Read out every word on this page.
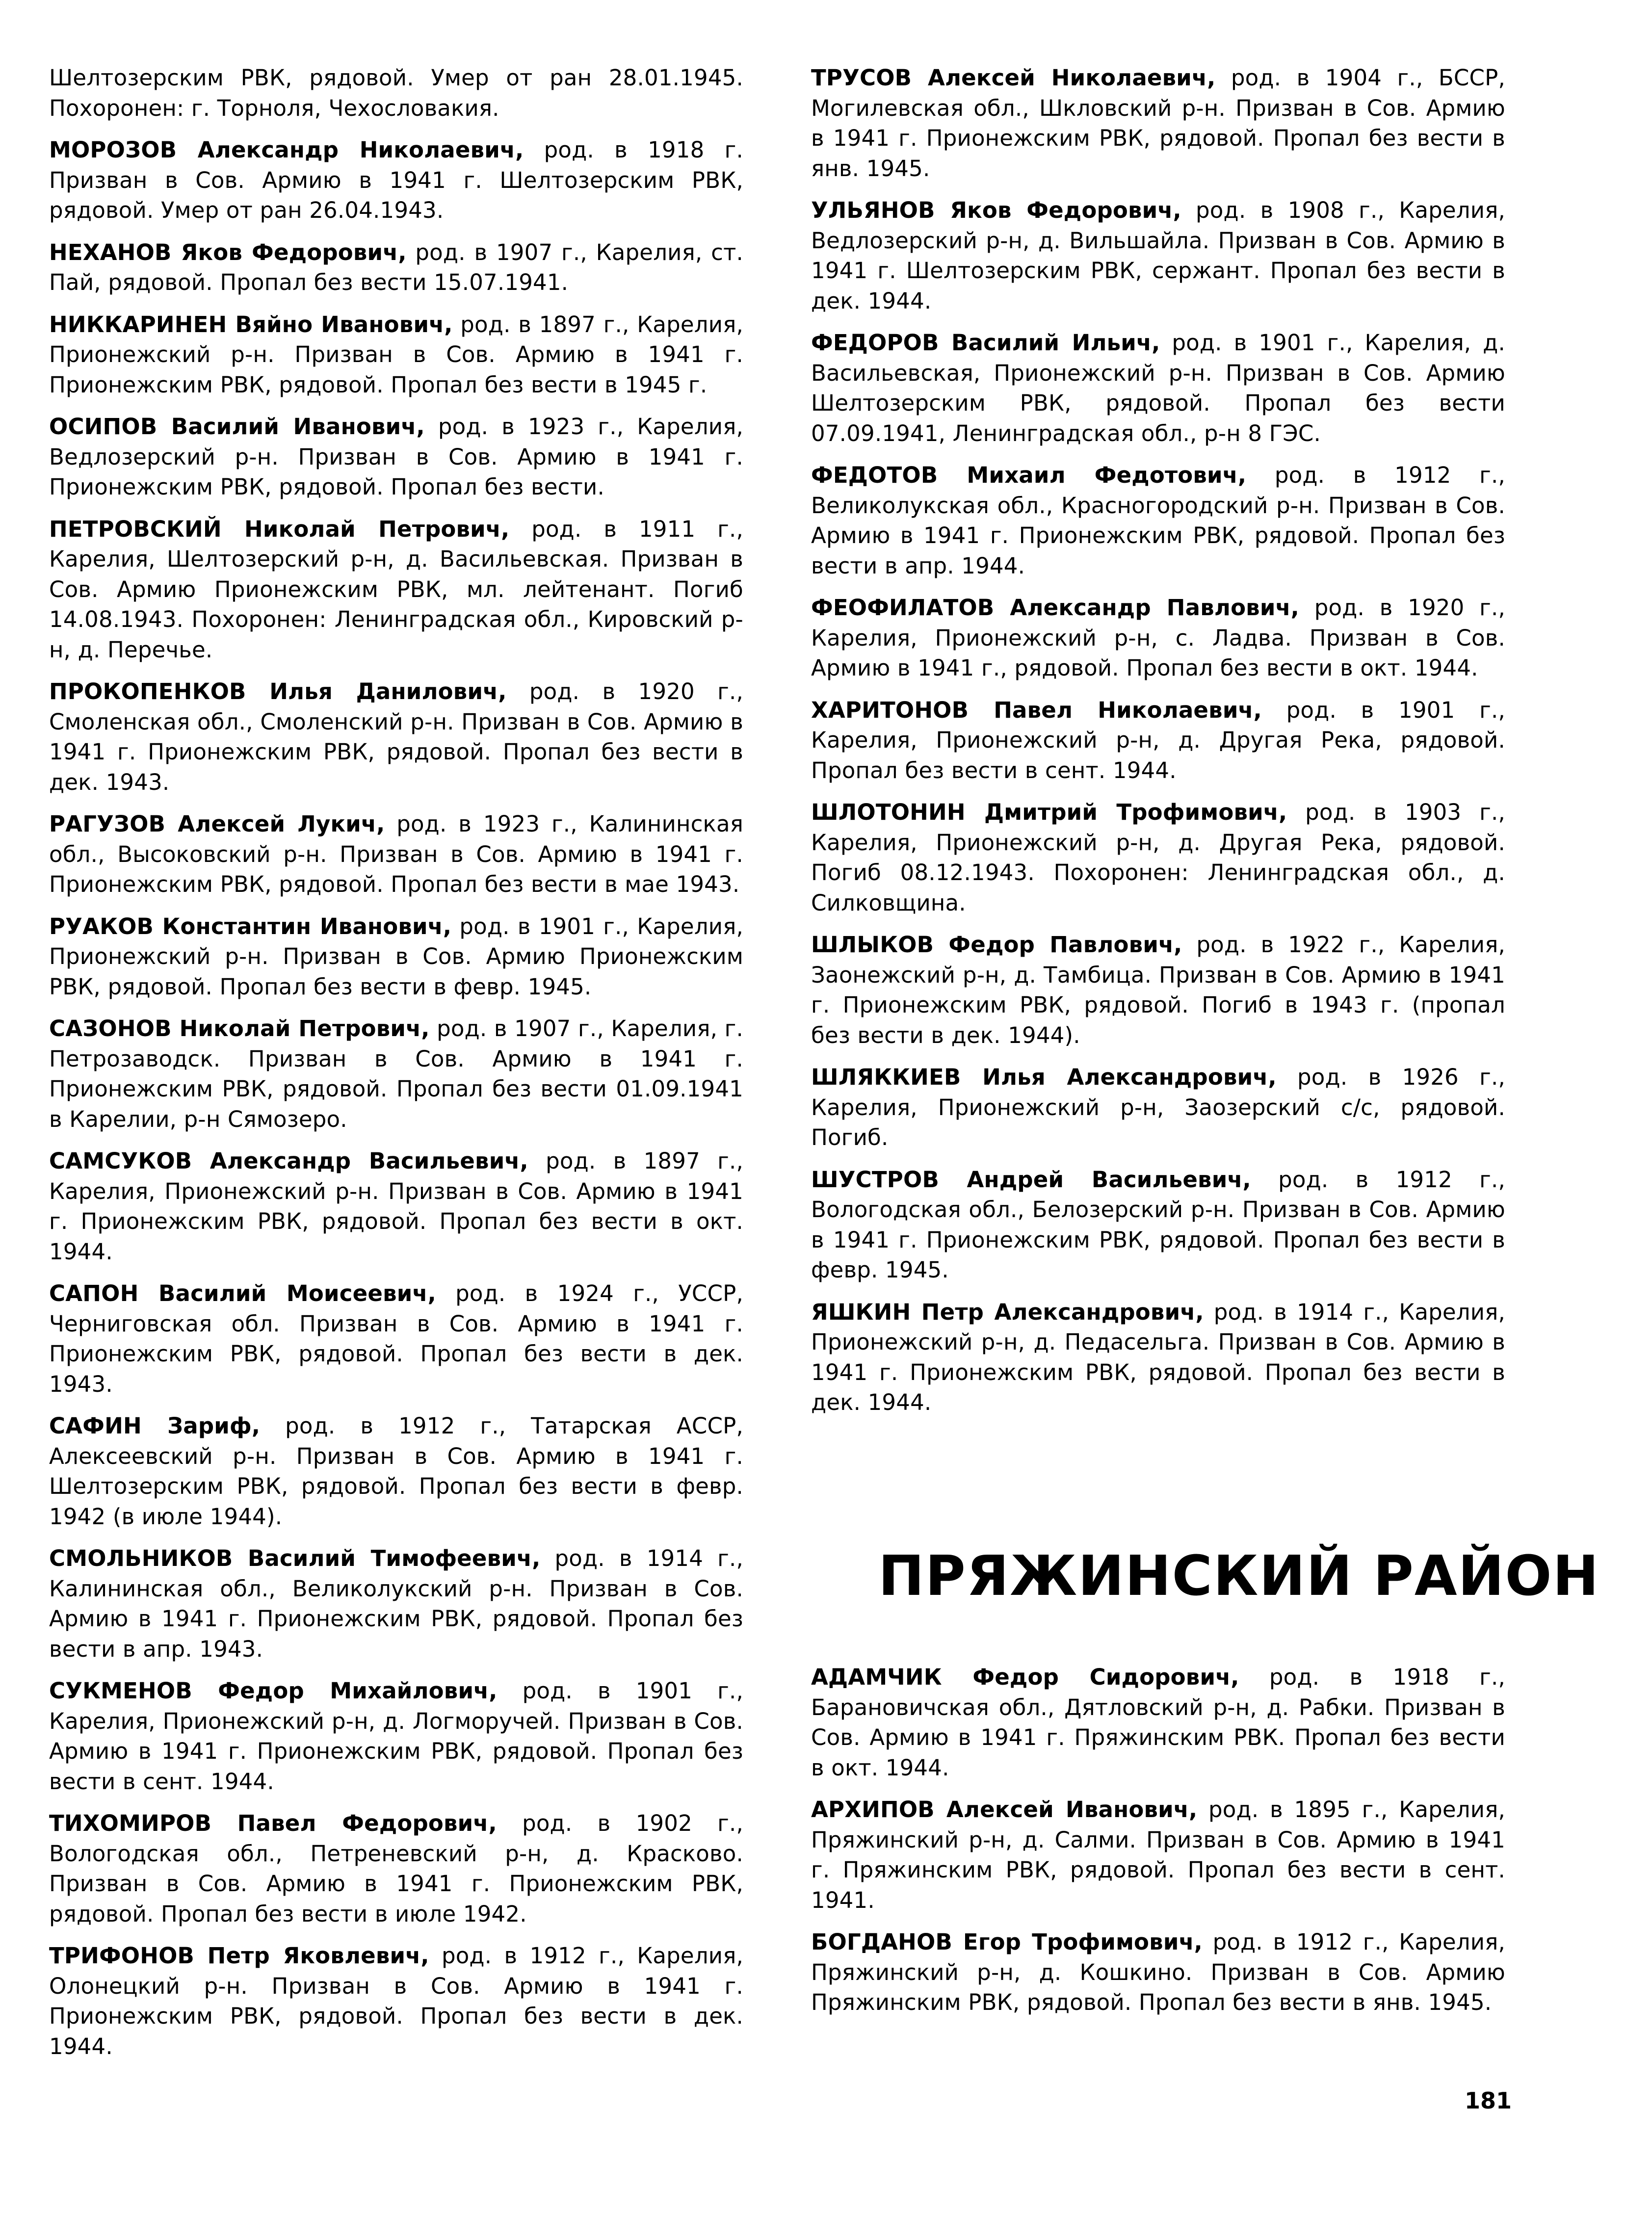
Шелтозерским РВК, рядовой. Умер от ран 28.01.1945. Похоронен: г. Торноля, Чехословакия.

МОРОЗОВ Александр Николаевич, род. в 1918 г. Призван в Сов. Армию в 1941 г. Шелтозерским РВК, рядовой. Умер от ран 26.04.1943.

НЕХАНОВ Яков Федорович, род. в 1907 г., Карелия, ст. Пай, рядовой. Пропал без вести 15.07.1941.

НИККАРИНЕН Вяйно Иванович, род. в 1897 г., Карелия, Прионежский р-н. Призван в Сов. Армию в 1941 г. Прионежским РВК, рядовой. Пропал без вести в 1945 г.

ОСИПОВ Василий Иванович, род. в 1923 г., Карелия, Ведлозерский р-н. Призван в Сов. Армию в 1941 г. Прионежским РВК, рядовой. Пропал без вести.

ПЕТРОВСКИЙ Николай Петрович, род. в 1911 г., Карелия, Шелтозерский р-н, д. Васильевская. Призван в Сов. Армию Прионежским РВК, мл. лейтенант. Погиб 14.08.1943. Похоронен: Ленинградская обл., Кировский р-н, д. Перечье.

ПРОКОПЕНКОВ Илья Данилович, род. в 1920 г., Смоленская обл., Смоленский р-н. Призван в Сов. Армию в 1941 г. Прионежским РВК, рядовой. Пропал без вести в дек. 1943.

РАГУЗОВ Алексей Лукич, род. в 1923 г., Калининская обл., Высоковский р-н. Призван в Сов. Армию в 1941 г. Прионежским РВК, рядовой. Пропал без вести в мае 1943.

РУАКОВ Константин Иванович, род. в 1901 г., Карелия, Прионежский р-н. Призван в Сов. Армию Прионежским РВК, рядовой. Пропал без вести в февр. 1945.

САЗОНОВ Николай Петрович, род. в 1907 г., Карелия, г. Петрозаводск. Призван в Сов. Армию в 1941 г. Прионежским РВК, рядовой. Пропал без вести 01.09.1941 в Карелии, р-н Сямозеро.

САМСУКОВ Александр Васильевич, род. в 1897 г., Карелия, Прионежский р-н. Призван в Сов. Армию в 1941 г. Прионежским РВК, рядовой. Пропал без вести в окт. 1944.

САПОН Василий Моисеевич, род. в 1924 г., УССР, Черниговская обл. Призван в Сов. Армию в 1941 г. Прионежским РВК, рядовой. Пропал без вести в дек. 1943.

САФИН Зариф, род. в 1912 г., Татарская АССР, Алексеевский р-н. Призван в Сов. Армию в 1941 г. Шелтозерским РВК, рядовой. Пропал без вести в февр. 1942 (в июле 1944).

СМОЛЬНИКОВ Василий Тимофеевич, род. в 1914 г., Калининская обл., Великолукский р-н. Призван в Сов. Армию в 1941 г. Прионежским РВК, рядовой. Пропал без вести в апр. 1943.

СУКМЕНОВ Федор Михайлович, род. в 1901 г., Карелия, Прионежский р-н, д. Логморучей. Призван в Сов. Армию в 1941 г. Прионежским РВК, рядовой. Пропал без вести в сент. 1944.

ТИХОМИРОВ Павел Федорович, род. в 1902 г., Вологодская обл., Петреневский р-н, д. Красково. Призван в Сов. Армию в 1941 г. Прионежским РВК, рядовой. Пропал без вести в июле 1942.

ТРИФОНОВ Петр Яковлевич, род. в 1912 г., Карелия, Олонецкий р-н. Призван в Сов. Армию в 1941 г. Прионежским РВК, рядовой. Пропал без вести в дек. 1944.

ТРУСОВ Алексей Николаевич, род. в 1904 г., БССР, Могилевская обл., Шкловский р-н. Призван в Сов. Армию в 1941 г. Прионежским РВК, рядовой. Пропал без вести в янв. 1945.

УЛЬЯНОВ Яков Федорович, род. в 1908 г., Карелия, Ведлозерский р-н, д. Вильшайла. Призван в Сов. Армию в 1941 г. Шелтозерским РВК, сержант. Пропал без вести в дек. 1944.

ФЕДОРОВ Василий Ильич, род. в 1901 г., Карелия, д. Васильевская, Прионежский р-н. Призван в Сов. Армию Шелтозерским РВК, рядовой. Пропал без вести 07.09.1941, Ленинградская обл., р-н 8 ГЭС.

ФЕДОТОВ Михаил Федотович, род. в 1912 г., Великолукская обл., Красногородский р-н. Призван в Сов. Армию в 1941 г. Прионежским РВК, рядовой. Пропал без вести в апр. 1944.

ФЕОФИЛАТОВ Александр Павлович, род. в 1920 г., Карелия, Прионежский р-н, с. Ладва. Призван в Сов. Армию в 1941 г., рядовой. Пропал без вести в окт. 1944.

ХАРИТОНОВ Павел Николаевич, род. в 1901 г., Карелия, Прионежский р-н, д. Другая Река, рядовой. Пропал без вести в сент. 1944.

ШЛОТОНИН Дмитрий Трофимович, род. в 1903 г., Карелия, Прионежский р-н, д. Другая Река, рядовой. Погиб 08.12.1943. Похоронен: Ленинградская обл., д. Силковщина.

ШЛЫКОВ Федор Павлович, род. в 1922 г., Карелия, Заонежский р-н, д. Тамбица. Призван в Сов. Армию в 1941 г. Прионежским РВК, рядовой. Погиб в 1943 г. (пропал без вести в дек. 1944).

ШЛЯККИЕВ Илья Александрович, род. в 1926 г., Карелия, Прионежский р-н, Заозерский с/с, рядовой. Погиб.

ШУСТРОВ Андрей Васильевич, род. в 1912 г., Вологодская обл., Белозерский р-н. Призван в Сов. Армию в 1941 г. Прионежским РВК, рядовой. Пропал без вести в февр. 1945.

ЯШКИН Петр Александрович, род. в 1914 г., Карелия, Прионежский р-н, д. Педасельга. Призван в Сов. Армию в 1941 г. Прионежским РВК, рядовой. Пропал без вести в дек. 1944.

ПРЯЖИНСКИЙ РАЙОН

АДАМЧИК Федор Сидорович, род. в 1918 г., Барановичская обл., Дятловский р-н, д. Рабки. Призван в Сов. Армию в 1941 г. Пряжинским РВК. Пропал без вести в окт. 1944.

АРХИПОВ Алексей Иванович, род. в 1895 г., Карелия, Пряжинский р-н, д. Салми. Призван в Сов. Армию в 1941 г. Пряжинским РВК, рядовой. Пропал без вести в сент. 1941.

БОГДАНОВ Егор Трофимович, род. в 1912 г., Карелия, Пряжинский р-н, д. Кошкино. Призван в Сов. Армию Пряжинским РВК, рядовой. Пропал без вести в янв. 1945.

181
